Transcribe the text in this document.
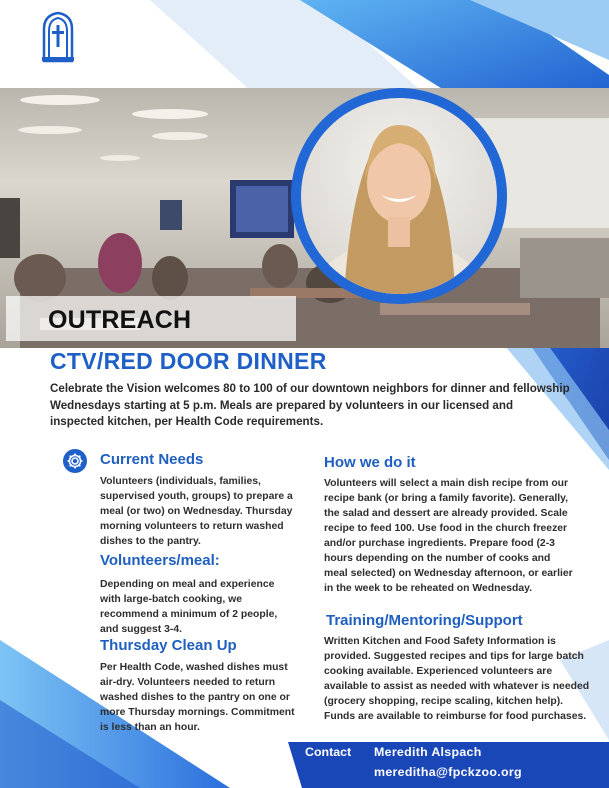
OUTREACH
CTV/RED DOOR DINNER
Celebrate the Vision welcomes 80 to 100 of our downtown neighbors for dinner and fellowship Wednesdays starting at 5 p.m. Meals are prepared by volunteers in our licensed and inspected kitchen, per Health Code requirements.
Current Needs
Volunteers (individuals, families, supervised youth, groups) to prepare a meal (or two) on Wednesday. Thursday morning volunteers to return washed dishes to the pantry.
Volunteers/meal:
Depending on meal and experience with large-batch cooking, we recommend a minimum of 2 people, and suggest 3-4.
Thursday Clean Up
Per Health Code, washed dishes must air-dry. Volunteers needed to return washed dishes to the pantry on one or more Thursday mornings. Commitment is less than an hour.
How we do it
Volunteers will select a main dish recipe from our recipe bank (or bring a family favorite). Generally, the salad and dessert are already provided. Scale recipe to feed 100. Use food in the church freezer and/or purchase ingredients. Prepare food (2-3 hours depending on the number of cooks and meal selected) on Wednesday afternoon, or earlier in the week to be reheated on Wednesday.
Training/Mentoring/Support
Written Kitchen and Food Safety Information is provided. Suggested recipes and tips for large batch cooking available. Experienced volunteers are available to assist as needed with whatever is needed (grocery shopping, recipe scaling, kitchen help). Funds are available to reimburse for food purchases.
Contact Meredith Alspach
mereditha@fpckzoo.org
